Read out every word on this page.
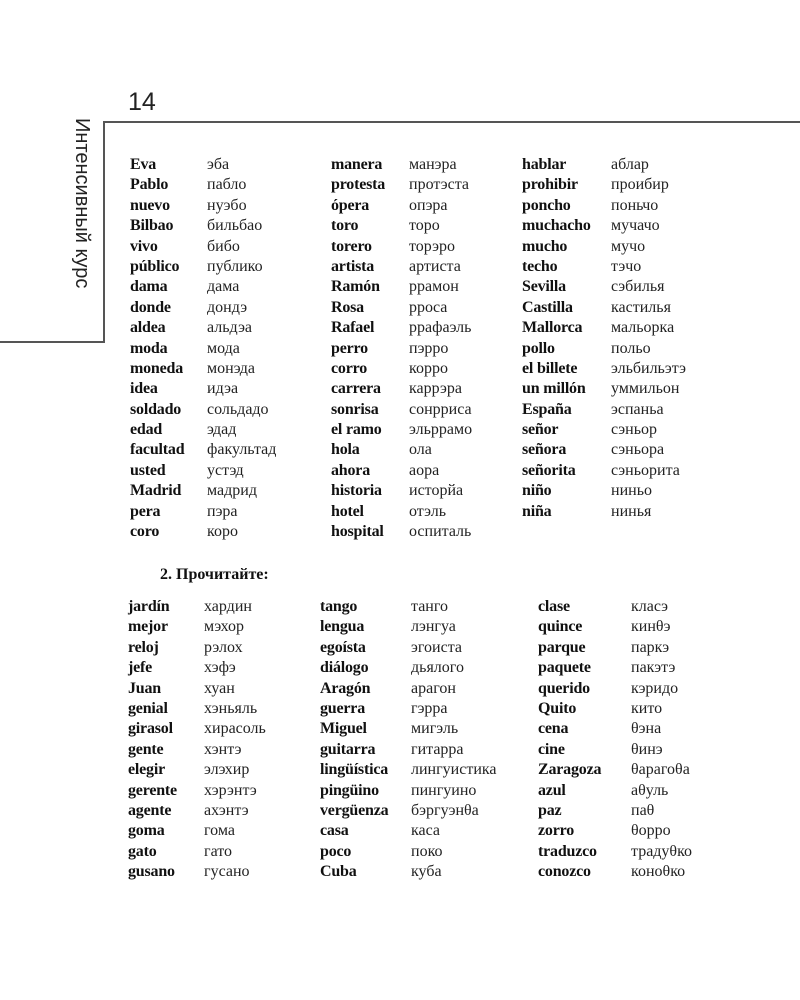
14
Интенсивный курс Eva
Pablo
nuevo
Bilbao
vivo
público
dama
donde
aldea
moda
moneda
idea
soldado
edad
facultad
usted
Madrid
pera
coro
эба
пабло
нуэбо
бильбао
бибо
публико
дама
дондэ
альдэа
мода
монэда
идэа
сольдадо
эдад
факультад
устэд
мадрид
пэра
коро
manera
protesta
ópera
toro
torero
artista
Ramón
Rosa
Rafael
perro
corro
carrera
sonrisa
el ramo
hola
ahora
historia
hotel
hospital
манэра
протэста
опэра
торо
торэро
артиста
ррамон
ррoса
ррафаэль
пэрро
корро
каррэра
сонрриса
эльррамо
ола
аора
исторйа
отэль
оспиталь
hablar
prohibir
poncho
muchacho
mucho
techo
Sevilla
Castilla
Mallorca
pollo
el billete
un millón
España
señor
señora
señorita
niño
niña
аблар
проибир
поньчо
мучачо
мучо
тэчо
сэбилья
кастилья
мальорка
польо
эльбильэтэ
уммильон
эспаньа
сэньор
сэньора
сэньорита
ниньо
нинья
2. Прочитайте:
jardín
mejor
reloj
jefe
Juan
genial
girasol
gente
elegir
gerente
agente
goma
gato
gusano
хардин
мэхор
рэлох
хэфэ
хуан
хэньяль
хирасоль
хэнтэ
элэхир
хэрэнтэ
ахэнтэ
гома
гато
гусано
tango
lengua
egoísta
diálogo
Aragón
guerra
Miguel
guitarra
lingüística
pingüino
vergüenza
casa
poco
Cuba
танго
лэнгуа
эгоиста
дьялого
арагон
гэрра
мигэль
гитарра
лингуистика
пингуино
бэргуэнθа
каса
поко
куба
clase
quince
parque
paquete
querido
Quito
cena
cine
Zaragoza
azul
paz
zorro
traduzco
conozco
класэ
кинθэ
паркэ
пакэтэ
кэридо
кито
θэна
θинэ
θарагоθа
аθуль
паθ
θорро
традуθко
коноθко
